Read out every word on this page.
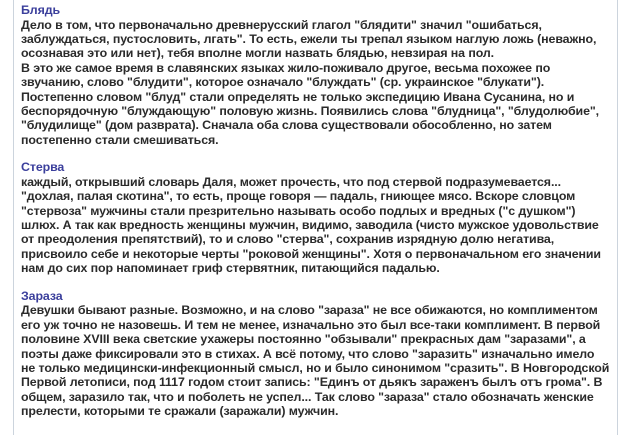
Блядь

Дело в том, что первоначально древнерусский глагол "блядити" значил "ошибаться, заблуждаться, пустословить, лгать". То есть, ежели ты трепал языком наглую ложь (неважно, осознавая это или нет), тебя вполне могли назвать блядью, невзирая на пол.

В это же самое время в славянских языках жило-поживало другое, весьма похожее по звучанию, слово "блудити", которое означало "блуждать" (ср. украинское "блукати"). Постепенно словом "блуд" стали определять не только экспедицию Ивана Сусанина, но и беспорядочную "блуждающую" половую жизнь. Появились слова "блудница", "блудолюбие", "блудилище" (дом разврата). Сначала оба слова существовали обособленно, но затем постепенно стали смешиваться.

Стерва

каждый, открывший словарь Даля, может прочесть, что под стервой подразумевается... "дохлая, палая скотина", то есть, проще говоря — падаль, гниющее мясо. Вскоре словцом "стервоза" мужчины стали презрительно называть особо подлых и вредных ("с душком") шлюх. А так как вредность женщины мужчин, видимо, заводила (чисто мужское удовольствие от преодоления препятствий), то и слово "стерва", сохранив изрядную долю негатива, присвоило себе и некоторые черты "роковой женщины". Хотя о первоначальном его значении нам до сих пор напоминает гриф стервятник, питающийся падалью.

Зараза

Девушки бывают разные. Возможно, и на слово "зараза" не все обижаются, но комплиментом его уж точно не назовешь. И тем не менее, изначально это был все-таки комплимент. В первой половине XVIII века светские ухажеры постоянно "обзывали" прекрасных дам "заразами", а поэты даже фиксировали это в стихах. А всё потому, что слово "заразить" изначально имело не только медицински-инфекционный смысл, но и было синонимом "сразить". В Новгородской Первой летописи, под 1117 годом стоит запись: "Единъ от дьякъ зараженъ былъ отъ грома". В общем, заразило так, что и поболеть не успел... Так слово "зараза" стало обозначать женские прелести, которыми те сражали (заражали) мужчин.
